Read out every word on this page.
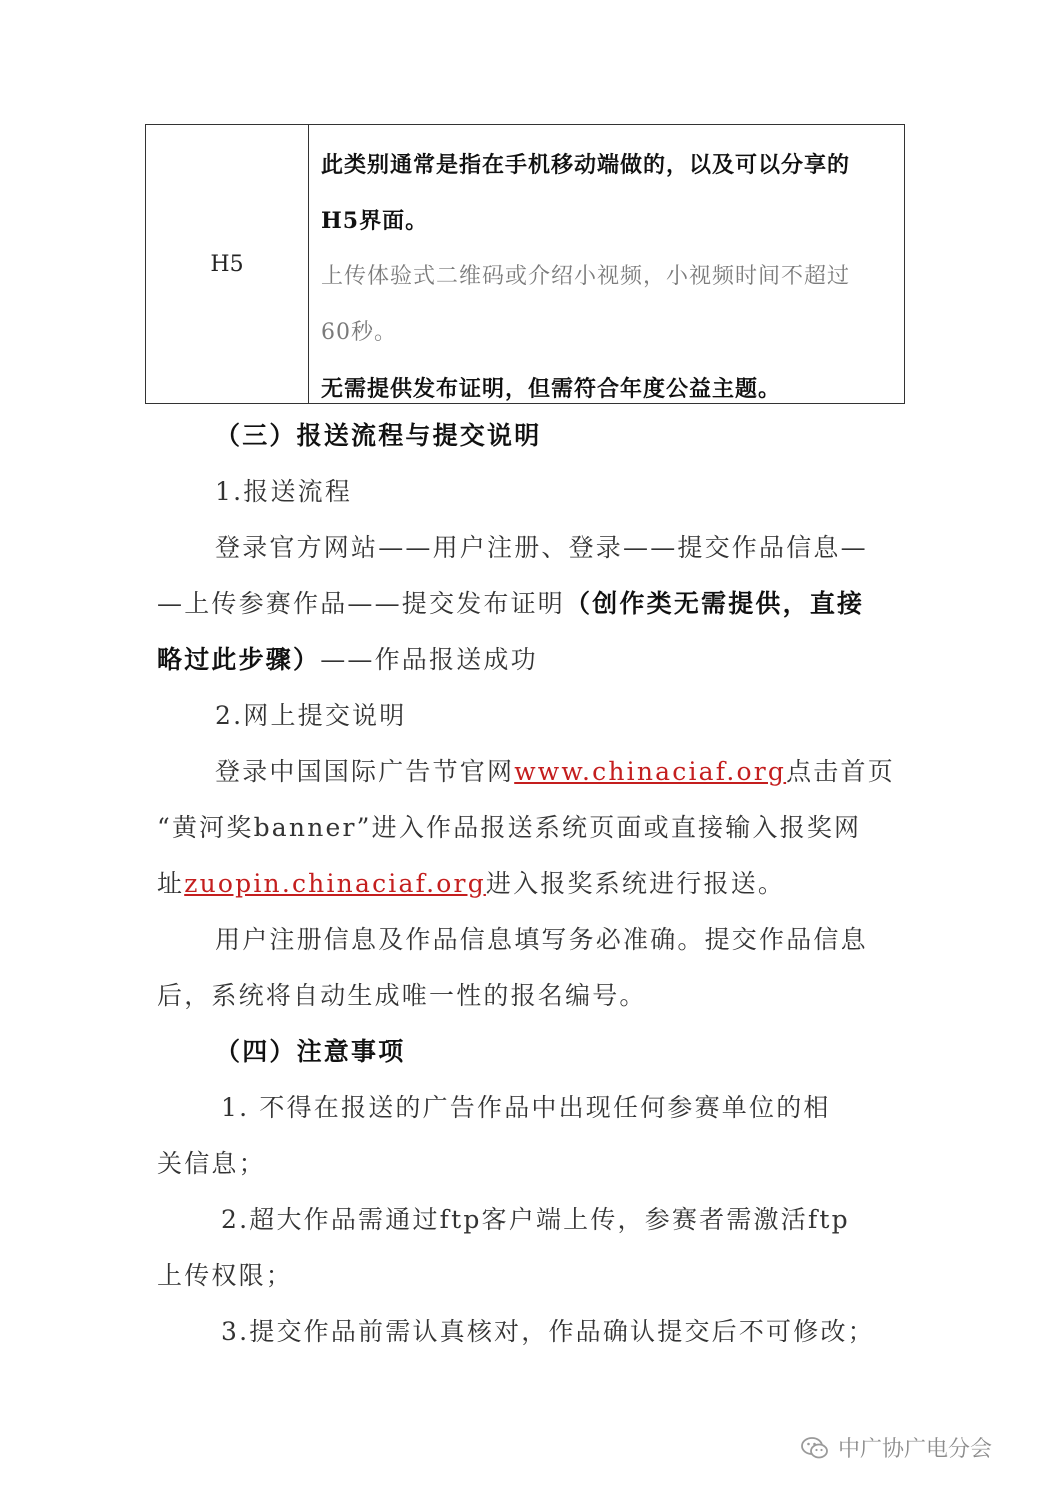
H5

此类别通常是指在手机移动端做的，以及可以分享的

H5界面。

上传体验式二维码或介绍小视频，小视频时间不超过

60秒。

无需提供发布证明，但需符合年度公益主题。

（三）报送流程与提交说明

1.报送流程

登录官方网站——用户注册、登录——提交作品信息—

—上传参赛作品——提交发布证明（创作类无需提供，直接

略过此步骤）——作品报送成功

2.网上提交说明

登录中国国际广告节官网www.chinaciaf.org点击首页

“黄河奖banner”进入作品报送系统页面或直接输入报奖网

址zuopin.chinaciaf.org进入报奖系统进行报送。

用户注册信息及作品信息填写务必准确。提交作品信息

后，系统将自动生成唯一性的报名编号。

（四）注意事项

1. 不得在报送的广告作品中出现任何参赛单位的相

关信息；

2.超大作品需通过ftp客户端上传，参赛者需激活ftp

上传权限；

3.提交作品前需认真核对，作品确认提交后不可修改；

中广协广电分会
